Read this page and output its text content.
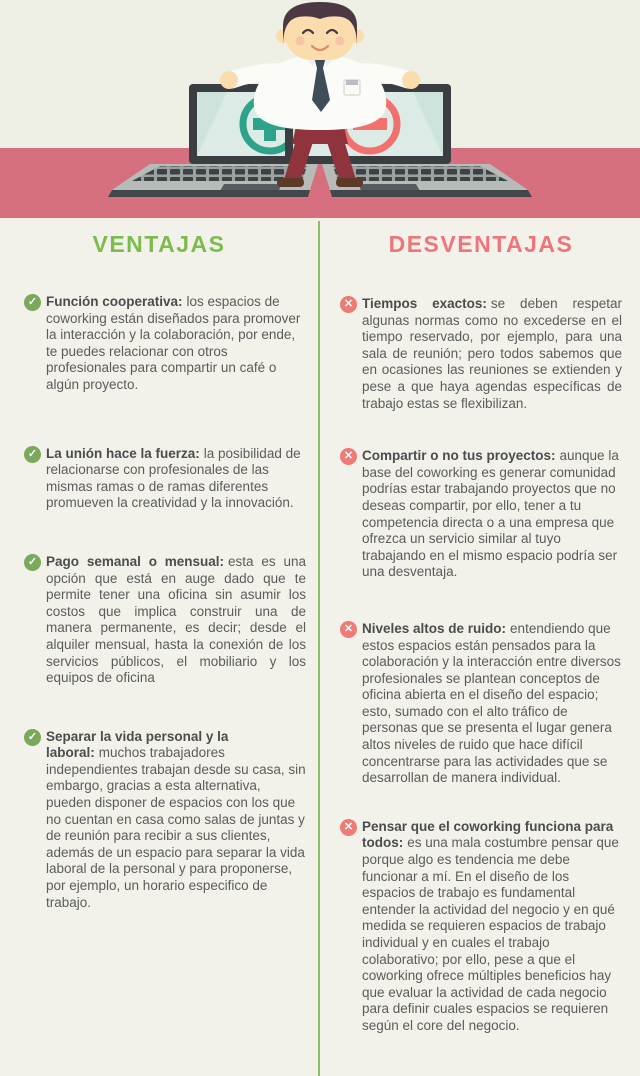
VENTAJAS	DESVENTAJAS
✓ Función cooperativa: los espacios de coworking están diseñados para promover la interacción y la colaboración, por ende, te puedes relacionar con otros profesionales para compartir un café o algún proyecto.

✓ La unión hace la fuerza: la posibilidad de relacionarse con profesionales de las mismas ramas o de ramas diferentes promueven la creatividad y la innovación.

✓ Pago semanal o mensual: esta es una opción que está en auge dado que te permite tener una oficina sin asumir los costos que implica construir una de manera permanente, es decir; desde el alquiler mensual, hasta la conexión de los servicios públicos, el mobiliario y los equipos de oficina

✓ Separar la vida personal y la laboral: muchos trabajadores independientes trabajan desde su casa, sin embargo, gracias a esta alternativa, pueden disponer de espacios con los que no cuentan en casa como salas de juntas y de reunión para recibir a sus clientes, además de un espacio para separar la vida laboral de la personal y para proponerse, por ejemplo, un horario especifico de trabajo.

✕ Tiempos exactos: se deben respetar algunas normas como no excederse en el tiempo reservado, por ejemplo, para una sala de reunión; pero todos sabemos que en ocasiones las reuniones se extienden y pese a que haya agendas específicas de trabajo estas se flexibilizan.

✕ Compartir o no tus proyectos: aunque la base del coworking es generar comunidad podrías estar trabajando proyectos que no deseas compartir, por ello, tener a tu competencia directa o a una empresa que ofrezca un servicio similar al tuyo trabajando en el mismo espacio podría ser una desventaja.

✕ Niveles altos de ruido: entendiendo que estos espacios están pensados para la colaboración y la interacción entre diversos profesionales se plantean conceptos de oficina abierta en el diseño del espacio; esto, sumado con el alto tráfico de personas que se presenta el lugar genera altos niveles de ruido que hace difícil concentrarse para las actividades que se desarrollan de manera individual.

✕ Pensar que el coworking funciona para todos: es una mala costumbre pensar que porque algo es tendencia me debe funcionar a mí. En el diseño de los espacios de trabajo es fundamental entender la actividad del negocio y en qué medida se requieren espacios de trabajo individual y en cuales el trabajo colaborativo; por ello, pese a que el coworking ofrece múltiples beneficios hay que evaluar la actividad de cada negocio para definir cuales espacios se requieren según el core del negocio.
